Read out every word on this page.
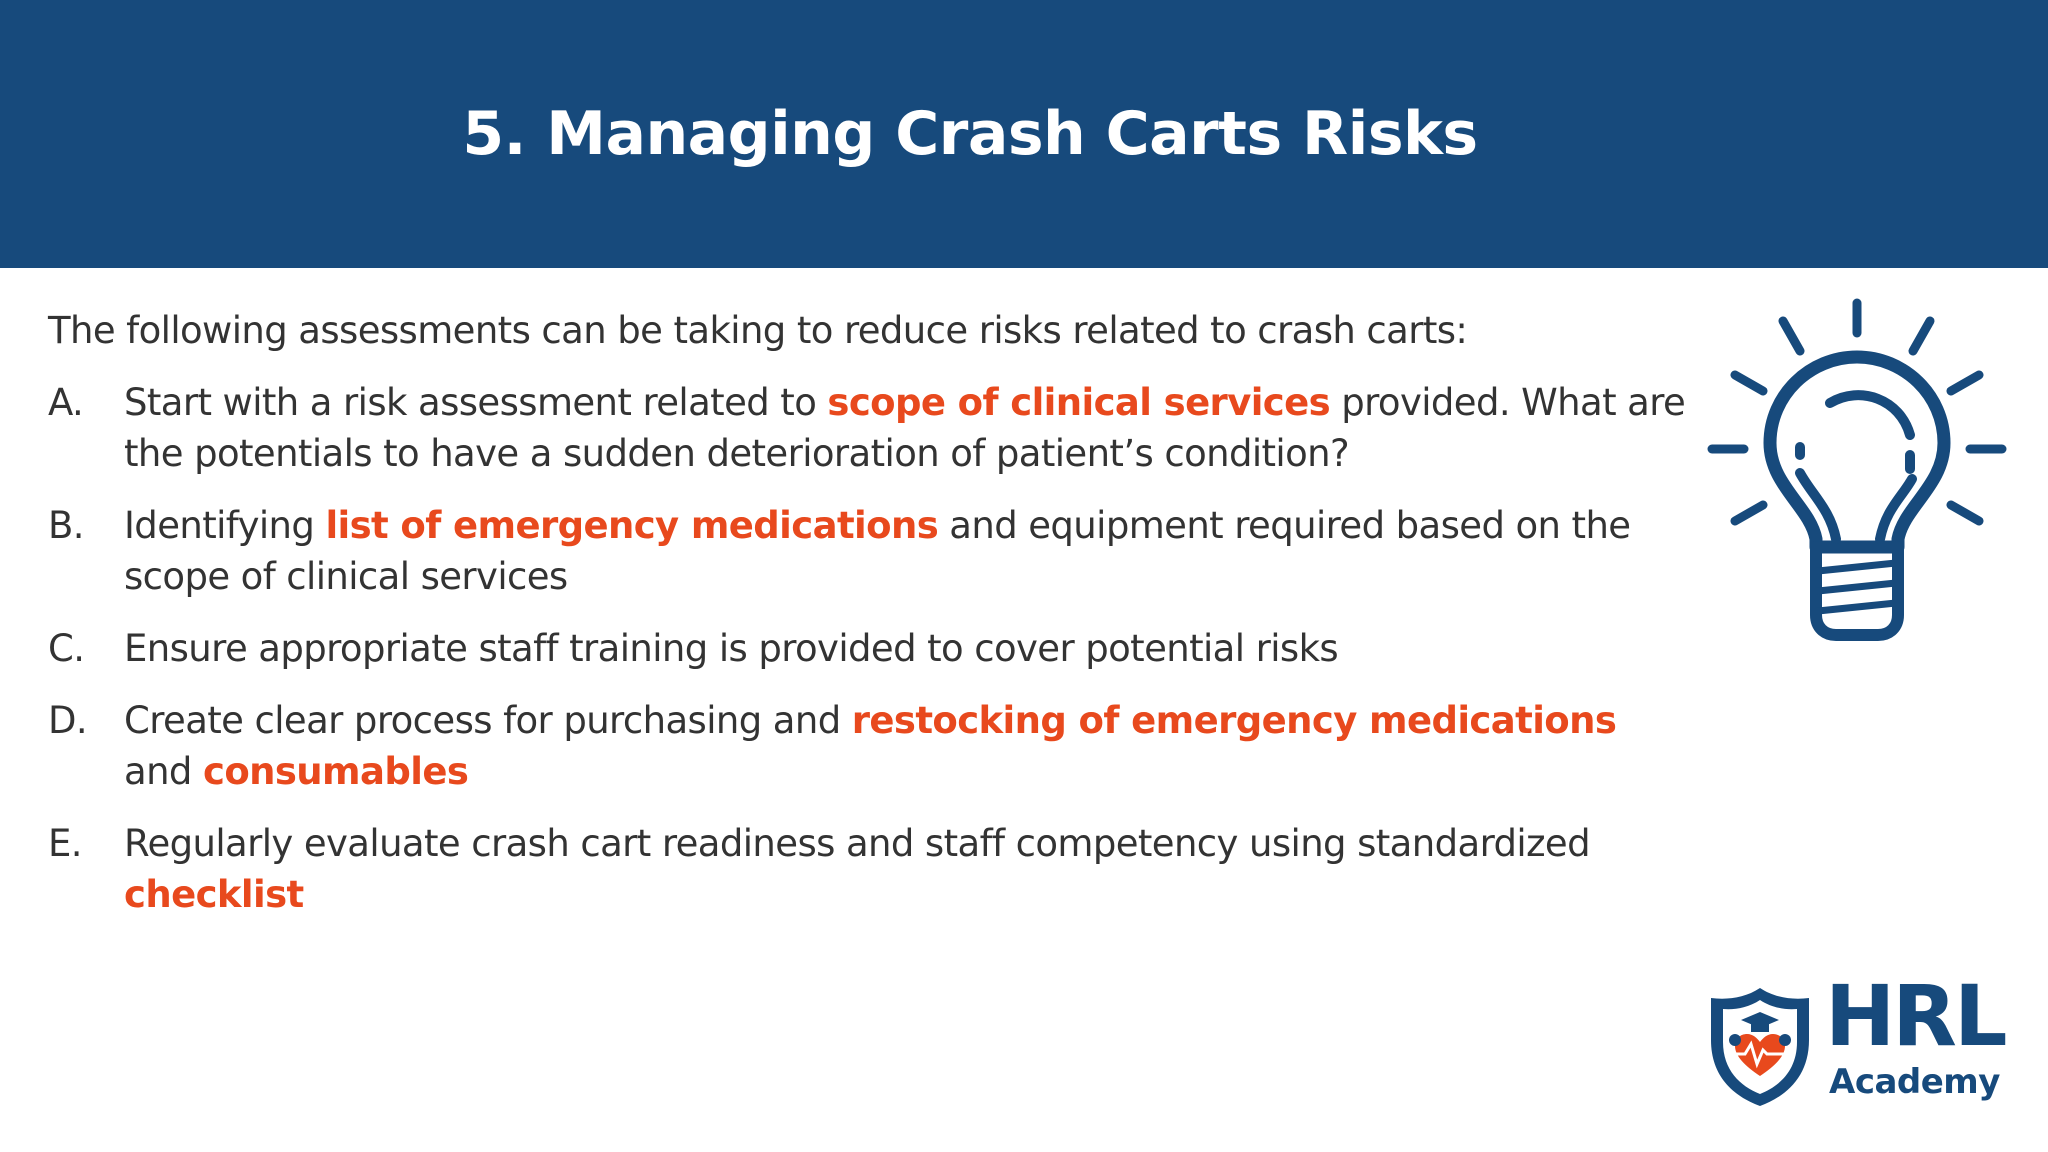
5. Managing Crash Carts Risks
The following assessments can be taking to reduce risks related to crash carts:
A.	Start with a risk assessment related to scope of clinical services provided. What are the potentials to have a sudden deterioration of patient’s condition?
B.	Identifying list of emergency medications and equipment required based on the scope of clinical services
C.	Ensure appropriate staff training is provided to cover potential risks
D. Create clear process for purchasing and restocking of emergency medications and consumables
E.	Regularly evaluate crash cart readiness and staff competency using standardized checklist
HRL
Academy
